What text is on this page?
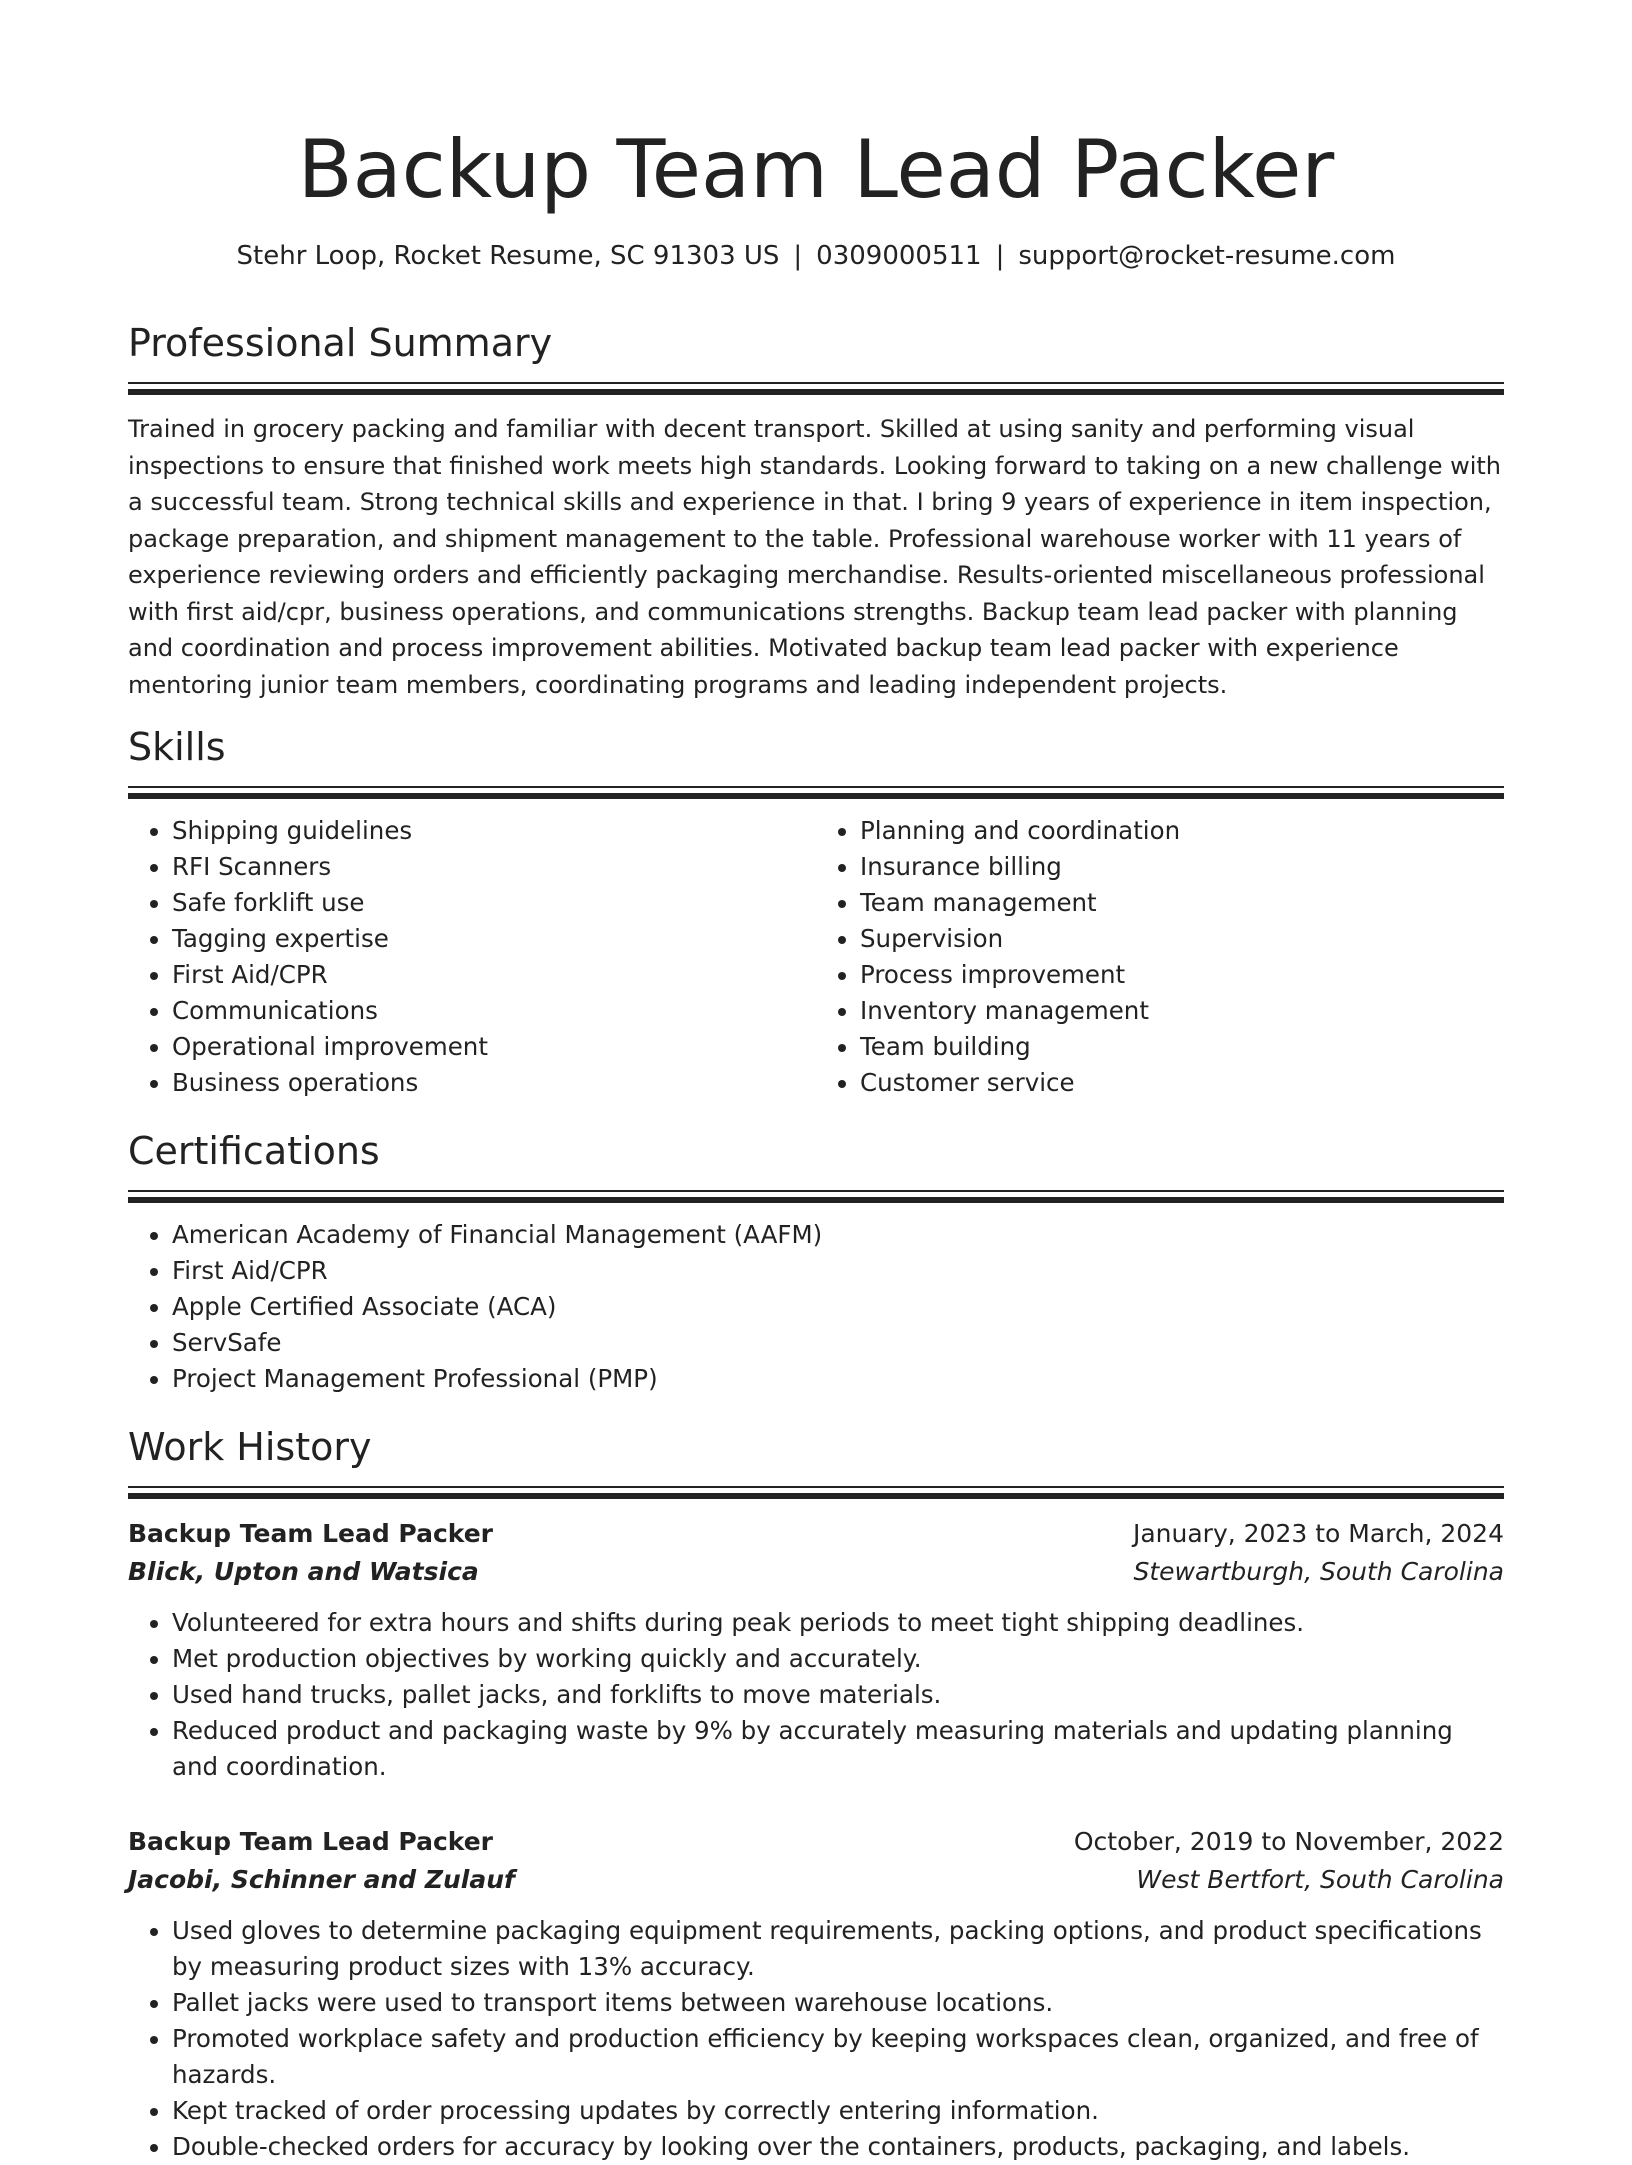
Backup Team Lead Packer
Stehr Loop, Rocket Resume, SC 91303 US | 0309000511 | support@rocket-resume.com
Professional Summary

Trained in grocery packing and familiar with decent transport. Skilled at using sanity and performing visual inspections to ensure that finished work meets high standards. Looking forward to taking on a new challenge with a successful team. Strong technical skills and experience in that. I bring 9 years of experience in item inspection, package preparation, and shipment management to the table. Professional warehouse worker with 11 years of experience reviewing orders and efficiently packaging merchandise. Results-oriented miscellaneous professional with first aid/cpr, business operations, and communications strengths. Backup team lead packer with planning and coordination and process improvement abilities. Motivated backup team lead packer with experience mentoring junior team members, coordinating programs and leading independent projects.

Skills
• Shipping guidelines
• RFI Scanners
• Safe forklift use
• Tagging expertise
• First Aid/CPR
• Communications
• Operational improvement
• Business operations
• Planning and coordination
• Insurance billing
• Team management
• Supervision
• Process improvement
• Inventory management
• Team building
• Customer service
Certifications
• American Academy of Financial Management (AAFM)
• First Aid/CPR
• Apple Certified Associate (ACA)
• ServSafe
• Project Management Professional (PMP)
Work History
Backup Team Lead Packer	January, 2023 to March, 2024
Blick, Upton and Watsica	Stewartburgh, South Carolina
• Volunteered for extra hours and shifts during peak periods to meet tight shipping deadlines.
• Met production objectives by working quickly and accurately.
• Used hand trucks, pallet jacks, and forklifts to move materials.
• Reduced product and packaging waste by 9% by accurately measuring materials and updating planning and coordination.
Backup Team Lead Packer	October, 2019 to November, 2022
Jacobi, Schinner and Zulauf	West Bertfort, South Carolina
• Used gloves to determine packaging equipment requirements, packing options, and product specifications by measuring product sizes with 13% accuracy.
• Pallet jacks were used to transport items between warehouse locations.
• Promoted workplace safety and production efficiency by keeping workspaces clean, organized, and free of hazards.
• Kept tracked of order processing updates by correctly entering information.
• Double-checked orders for accuracy by looking over the containers, products, packaging, and labels.
